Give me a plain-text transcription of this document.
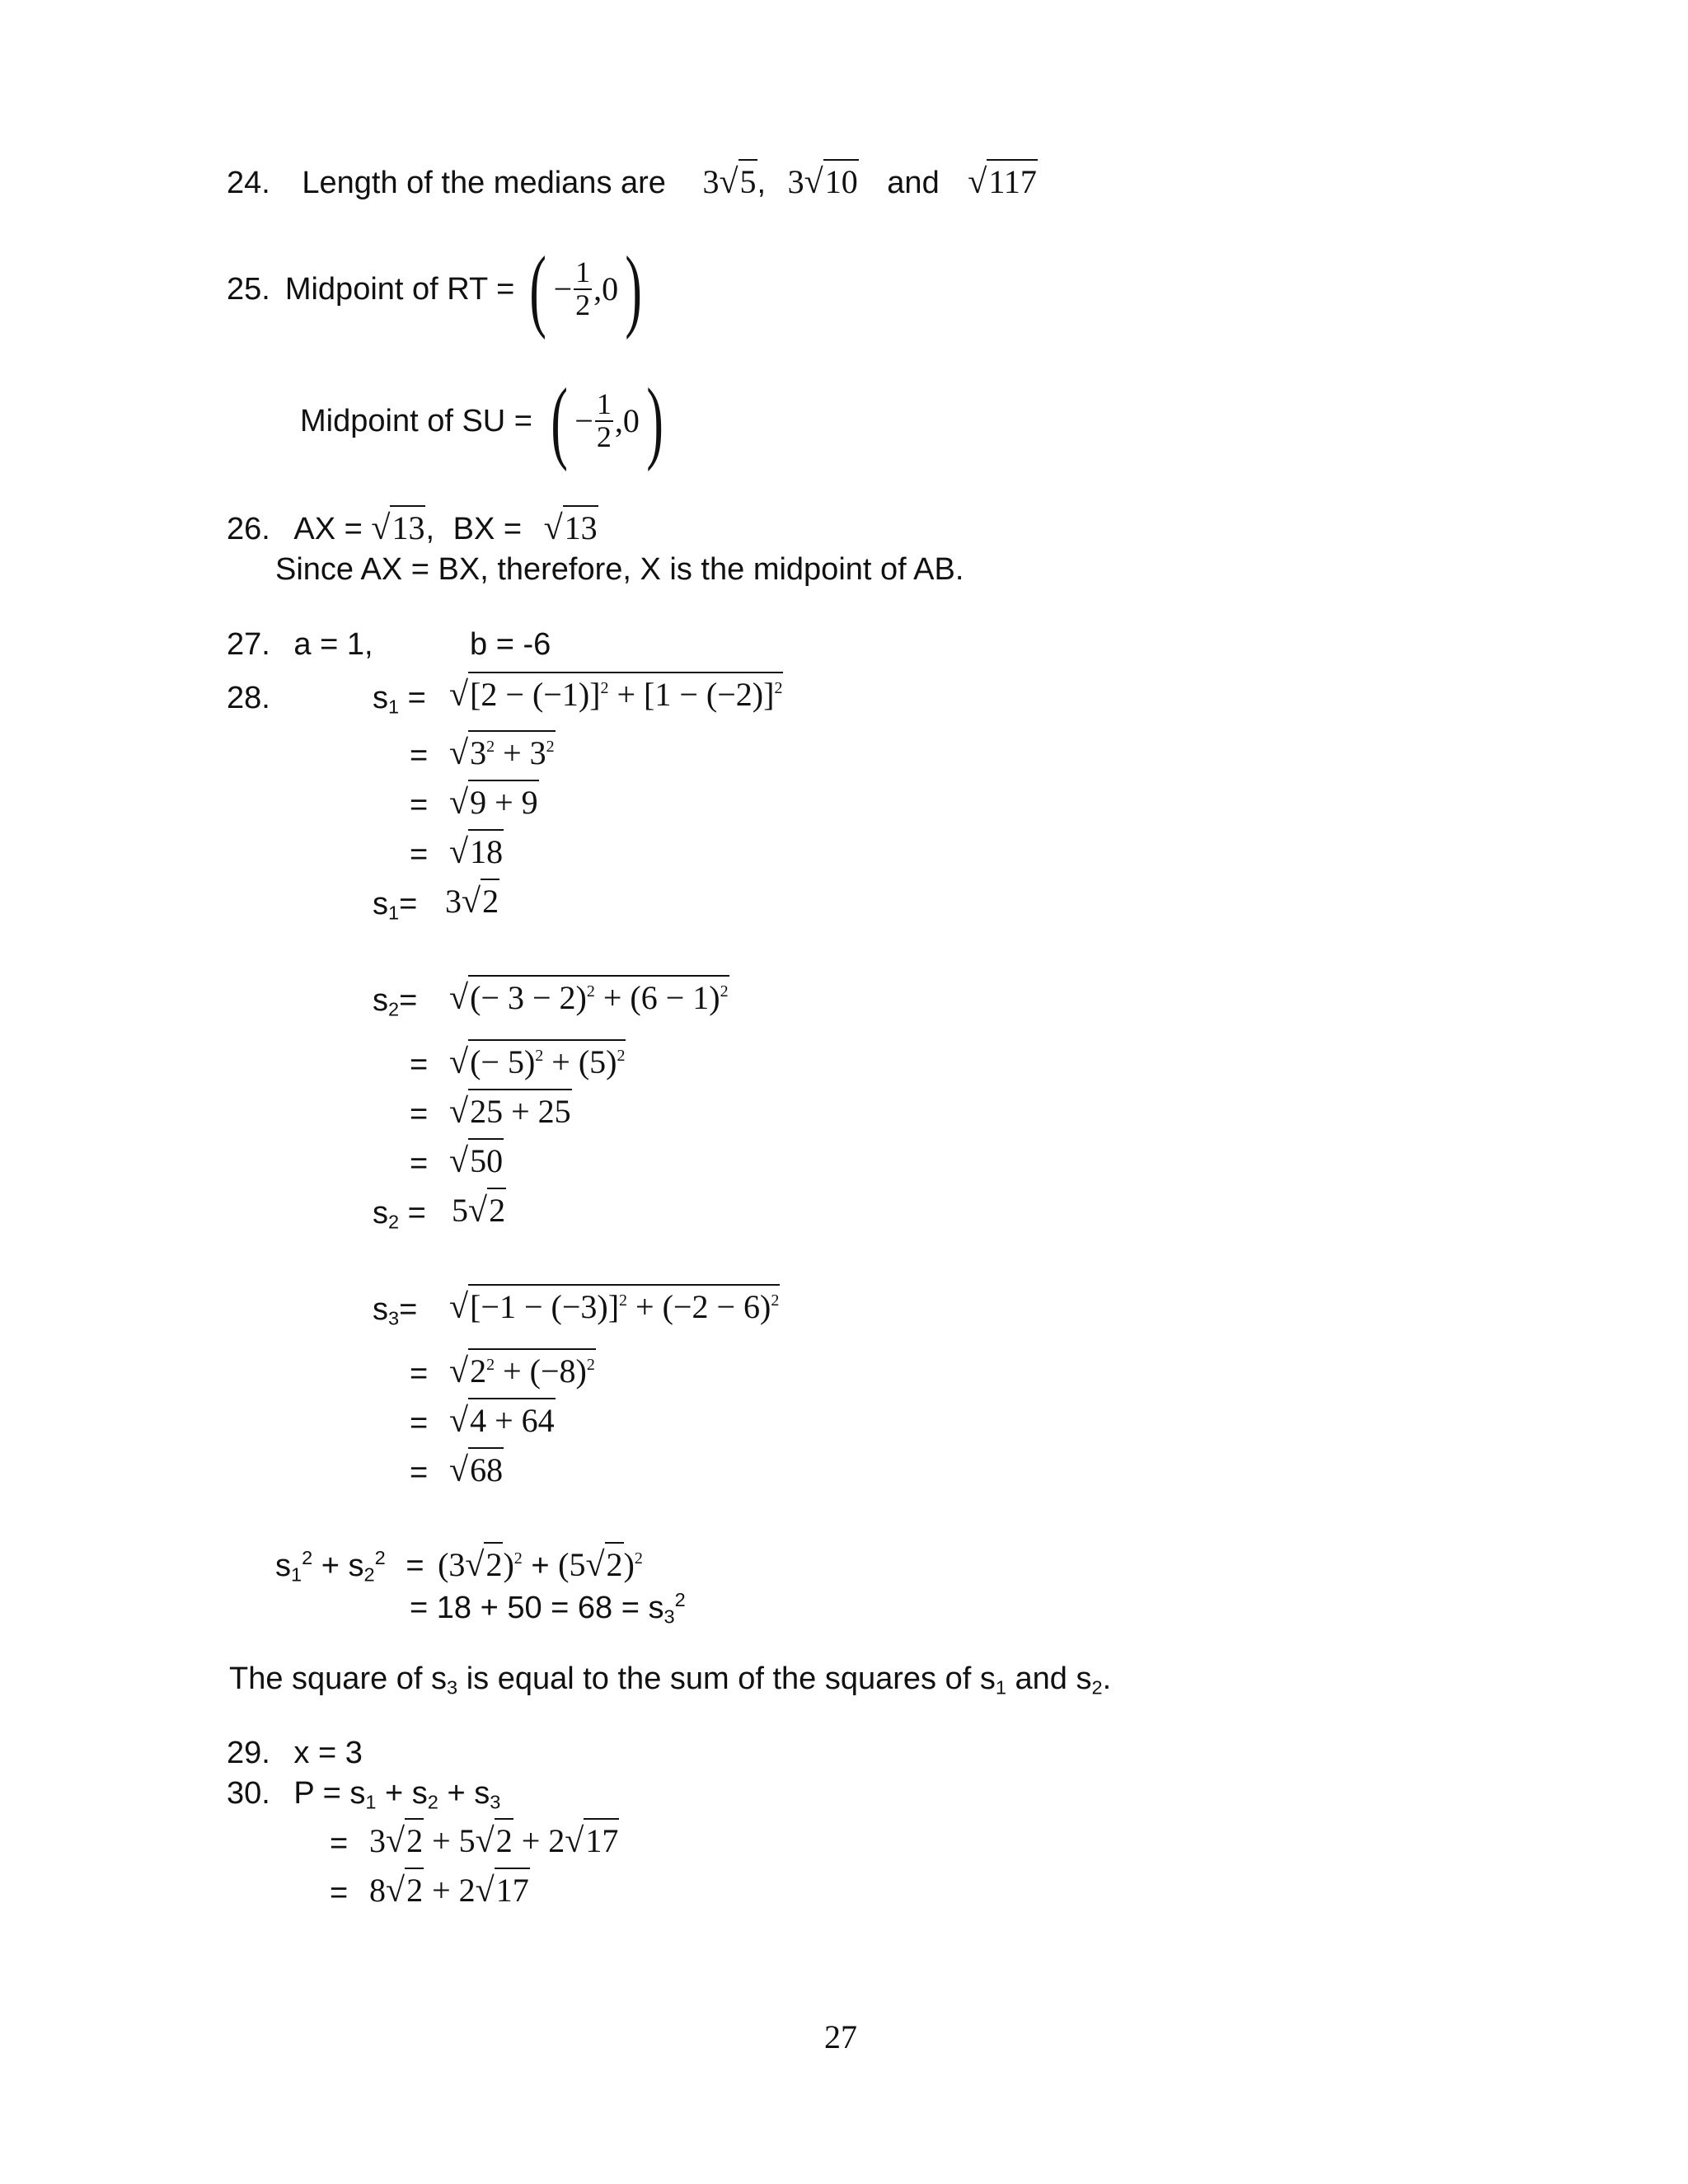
24. Length of the medians are 3√5, 3√10 and √117
25. Midpoint of RT = ( − $\frac{1}{2} ,0$ )
Midpoint of SU = ( − $\frac{1}{2} ,0$ )
26. AX = √13, BX = √13
Since AX = BX, therefore, X is the midpoint of AB.
27. a = 1,	b = -6
28.	$s_1 = √[2 - (-1)]^2 + [1 - (-2)]^2$
= $√3^2 + 3^2$
= √9 + 9
= √18
$s_1= 3√2$
$s_2=$ √(− $3 - 2)^2 + (6 - 1)^2$
= √(− $5)^2 + (5)^2$
= √25 + 25
= √50
$s_2 = 5√2$
$s_3= √[-1 - (-3)]^2 + (-2 - 6)^2$
= $√2^2 + (-8)^2$
= √4 + 64
= √68
$s_1^2 + s_2^2 = (3√2)^2 + (5√2)^2$
= $18 + 50 = 68 = s_3^2$
The square of $s_3$ is equal to the sum of the squares of $s_1$ and $s_2$.
29. x = 3
30. $P = s_1 + s_2 + s_3$
= 3√2 + 5√2 + 2√17
= 8√2 + 2√17
27
